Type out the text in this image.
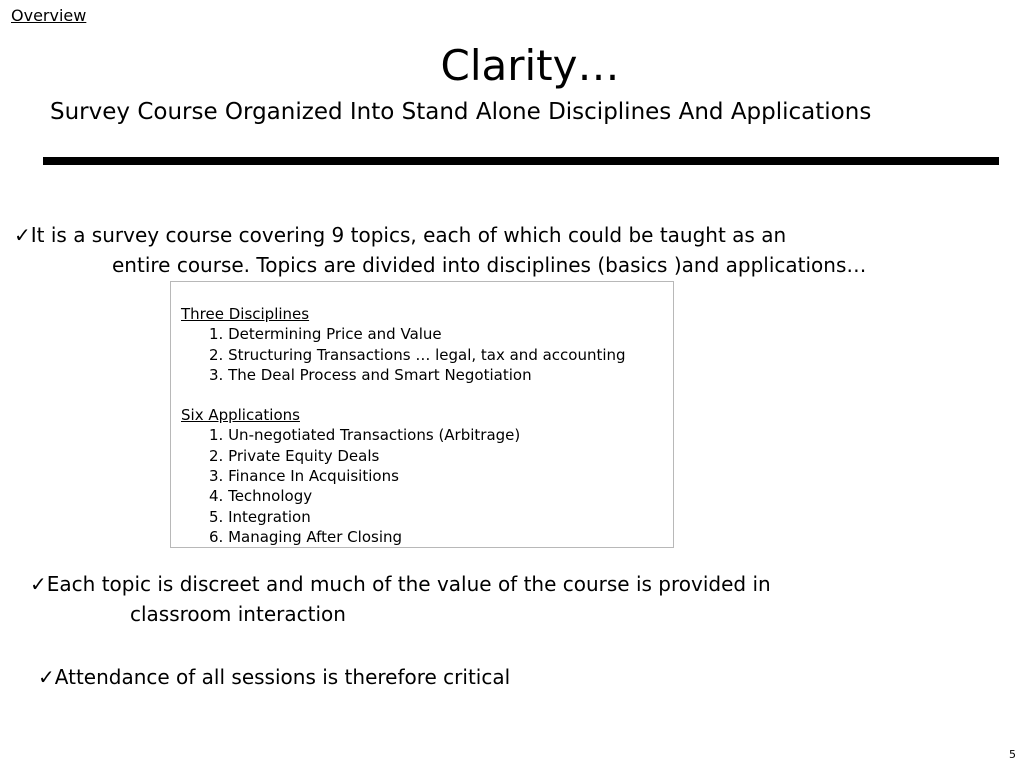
Overview
Clarity…
Survey Course Organized Into Stand Alone Disciplines And Applications
✓It is a survey course covering 9 topics, each of which could be taught as an
entire course. Topics are divided into disciplines (basics )and applications…
Three Disciplines
1. Determining Price and Value
2. Structuring Transactions … legal, tax and accounting
3. The Deal Process and Smart Negotiation
Six Applications
1. Un-negotiated Transactions (Arbitrage)
2. Private Equity Deals
3. Finance In Acquisitions
4. Technology
5. Integration
6. Managing After Closing
✓Each topic is discreet and much of the value of the course is provided in
classroom interaction
✓Attendance of all sessions is therefore critical
5
